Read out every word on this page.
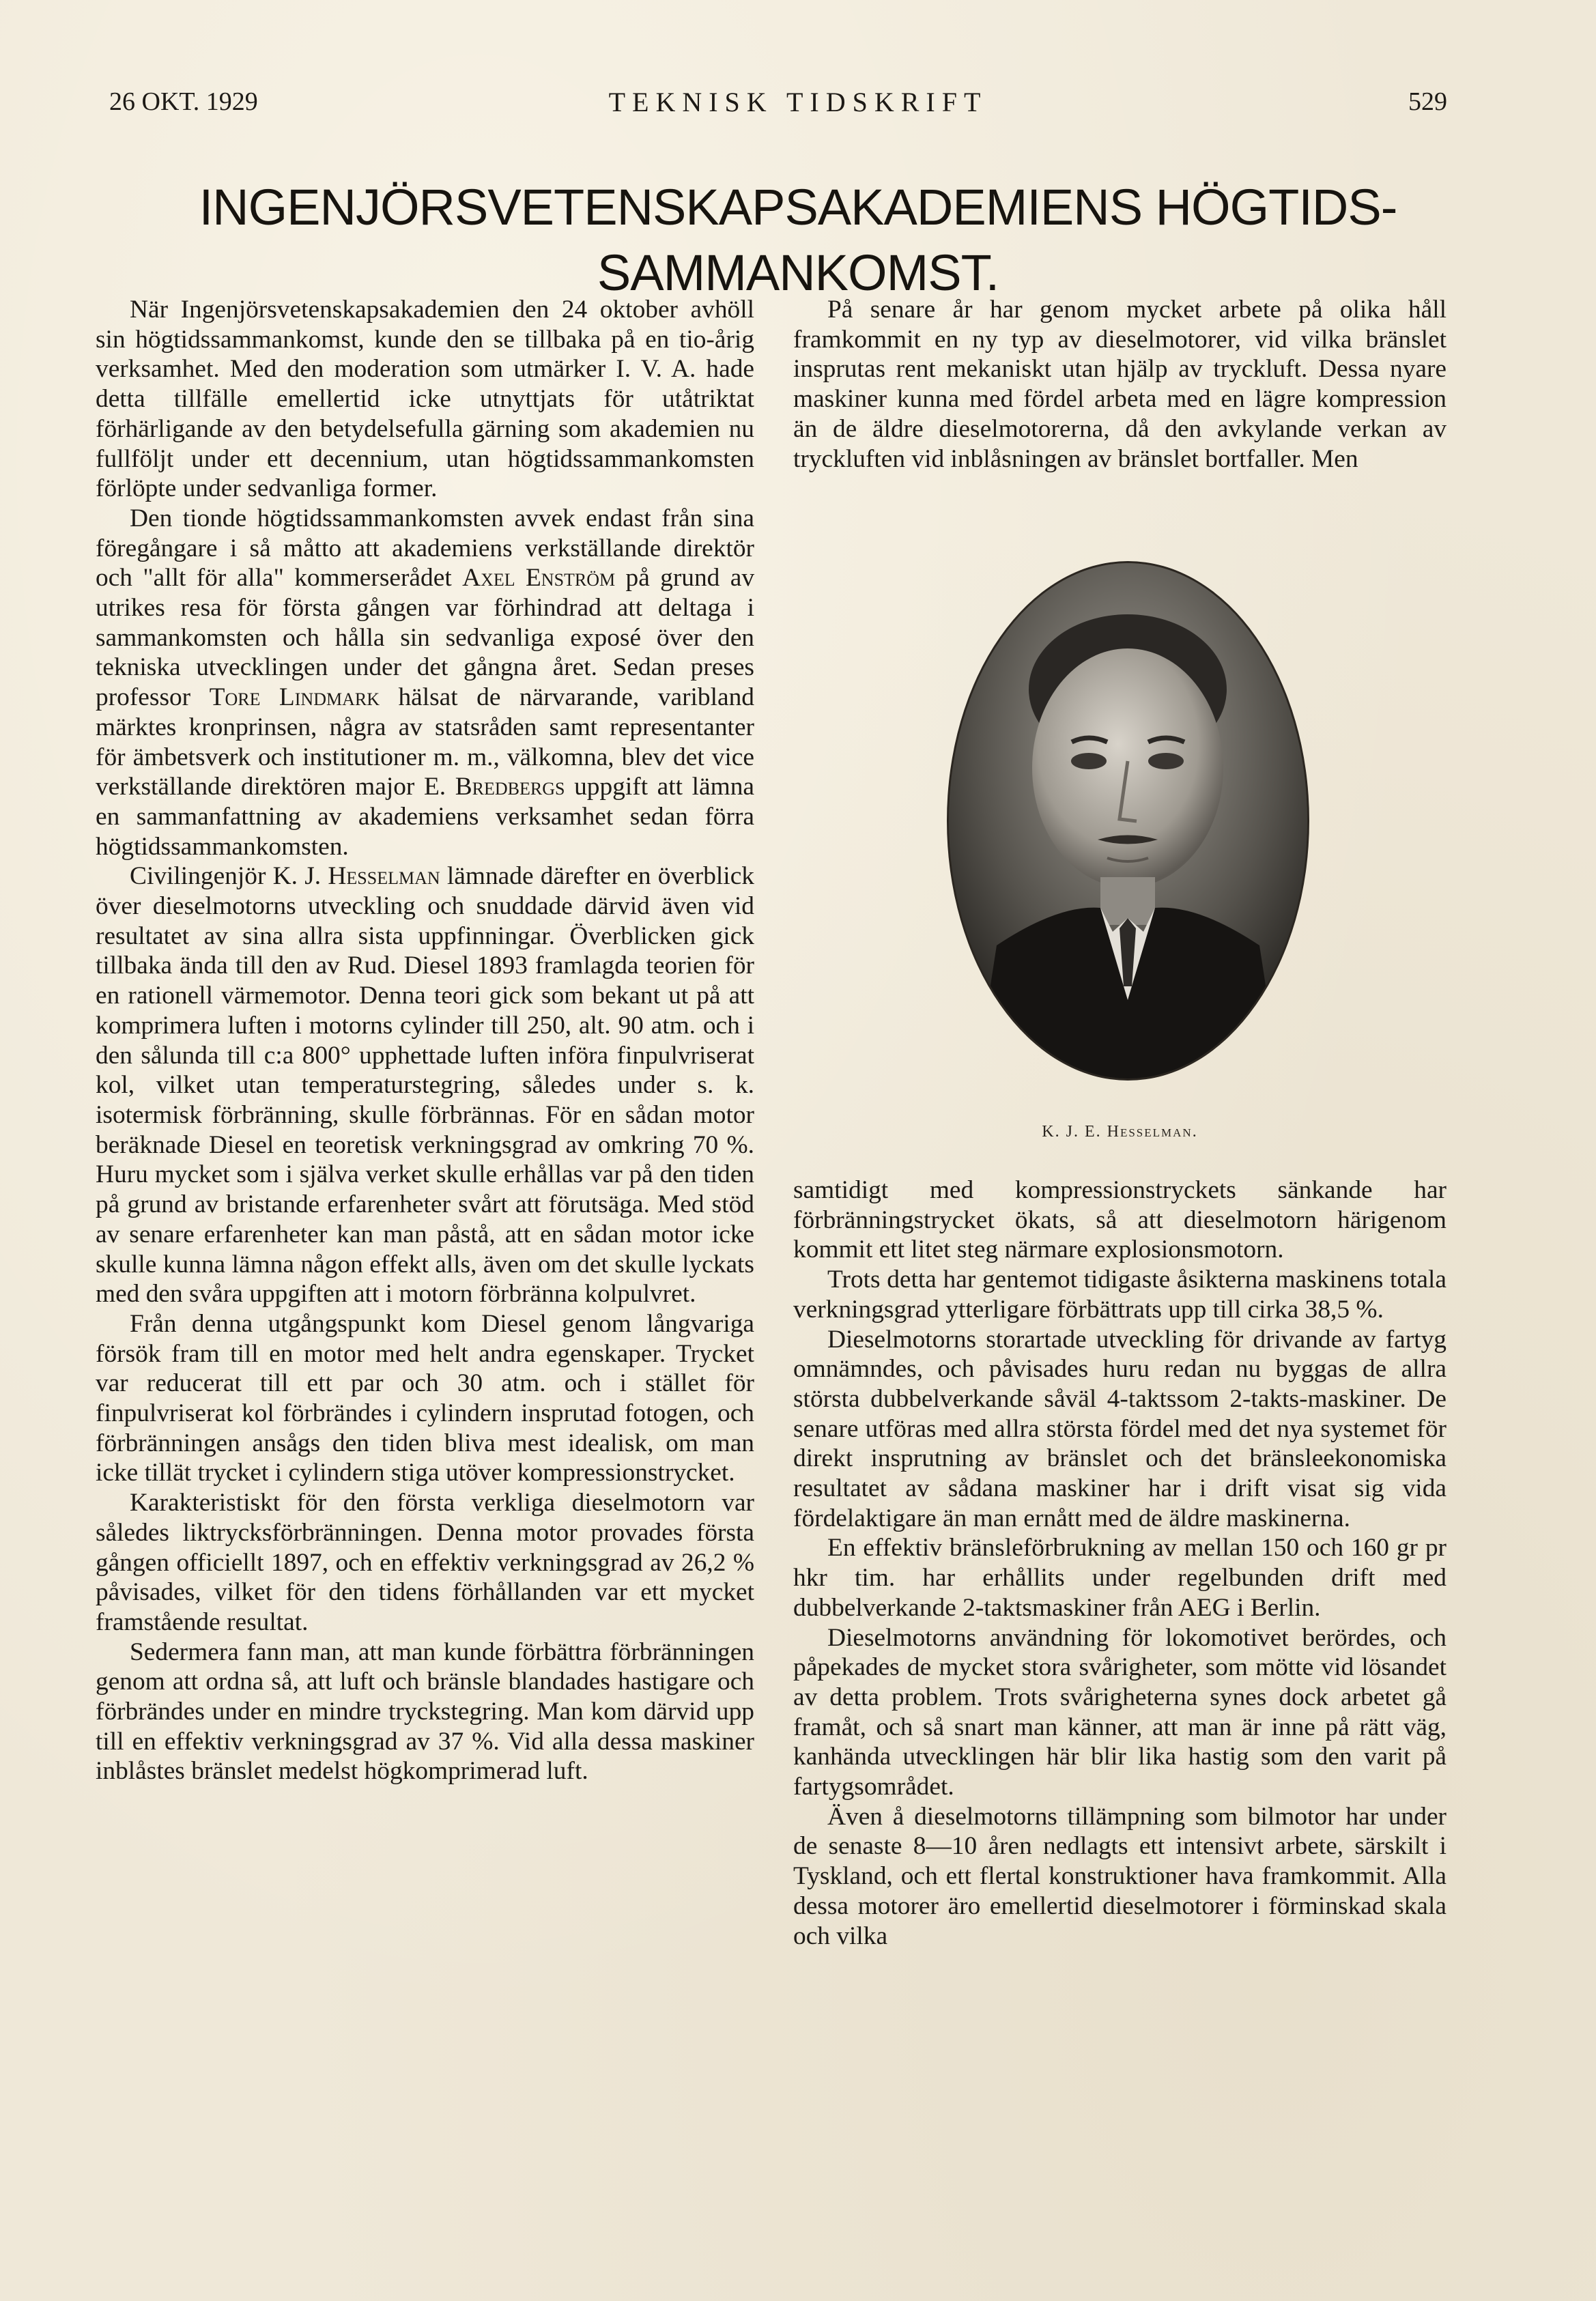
26 OKT. 1929	TEKNISK TIDSKRIFT	529
INGENJÖRSVETENSKAPSAKADEMIENS HÖGTIDS-
SAMMANKOMST.

När Ingenjörsvetenskapsakademien den 24 oktober avhöll sin högtidssammankomst, kunde den se tillbaka på en tio-årig verksamhet. Med den moderation som utmärker I. V. A. hade detta tillfälle emellertid icke utnyttjats för utåtriktat förhärligande av den betydelsefulla gärning som akademien nu fullföljt under ett decennium, utan högtidssammankomsten förlöpte under sedvanliga former.

Den tionde högtidssammankomsten avvek endast från sina föregångare i så måtto att akademiens verkställande direktör och "allt för alla" kommerserådet Axel Enström på grund av utrikes resa för första gången var förhindrad att deltaga i sammankomsten och hålla sin sedvanliga exposé över den tekniska utvecklingen under det gångna året. Sedan preses professor Tore Lindmark hälsat de närvarande, varibland märktes kronprinsen, några av statsråden samt representanter för ämbetsverk och institutioner m. m., välkomna, blev det vice verkställande direktören major E. Bredbergs uppgift att lämna en sammanfattning av akademiens verksamhet sedan förra högtidssammankomsten.

Civilingenjör K. J. Hesselman lämnade därefter en överblick över dieselmotorns utveckling och snuddade därvid även vid resultatet av sina allra sista uppfinningar. Överblicken gick tillbaka ända till den av Rud. Diesel 1893 framlagda teorien för en rationell värmemotor. Denna teori gick som bekant ut på att komprimera luften i motorns cylinder till 250, alt. 90 atm. och i den sålunda till c:a 800° upphettade luften införa finpulvriserat kol, vilket utan temperaturstegring, således under s. k. isotermisk förbränning, skulle förbrännas. För en sådan motor beräknade Diesel en teoretisk verkningsgrad av omkring 70 %. Huru mycket som i själva verket skulle erhållas var på den tiden på grund av bristande erfarenheter svårt att förutsäga. Med stöd av senare erfarenheter kan man påstå, att en sådan motor icke skulle kunna lämna någon effekt alls, även om det skulle lyckats med den svåra uppgiften att i motorn förbränna kolpulvret.

Från denna utgångspunkt kom Diesel genom långvariga försök fram till en motor med helt andra egenskaper. Trycket var reducerat till ett par och 30 atm. och i stället för finpulvriserat kol förbrändes i cylindern insprutad fotogen, och förbränningen ansågs den tiden bliva mest idealisk, om man icke tillät trycket i cylindern stiga utöver kompressionstrycket.

Karakteristiskt för den första verkliga dieselmotorn var således liktrycksförbränningen. Denna motor provades första gången officiellt 1897, och en effektiv verkningsgrad av 26,2 % påvisades, vilket för den tidens förhållanden var ett mycket framstående resultat.

Sedermera fann man, att man kunde förbättra förbränningen genom att ordna så, att luft och bränsle blandades hastigare och förbrändes under en mindre tryckstegring. Man kom därvid upp till en effektiv verkningsgrad av 37 %. Vid alla dessa maskiner inblåstes bränslet medelst högkomprimerad luft.

På senare år har genom mycket arbete på olika håll framkommit en ny typ av dieselmotorer, vid vilka bränslet insprutas rent mekaniskt utan hjälp av tryckluft. Dessa nyare maskiner kunna med fördel arbeta med en lägre kompression än de äldre dieselmotorerna, då den avkylande verkan av tryckluften vid inblåsningen av bränslet bortfaller. Men

K. J. E. Hesselman.

samtidigt med kompressionstryckets sänkande har förbränningstrycket ökats, så att dieselmotorn härigenom kommit ett litet steg närmare explosionsmotorn.

Trots detta har gentemot tidigaste åsikterna maskinens totala verkningsgrad ytterligare förbättrats upp till cirka 38,5 %.

Dieselmotorns storartade utveckling för drivande av fartyg omnämndes, och påvisades huru redan nu byggas de allra största dubbelverkande såväl 4-taktssom 2-takts-maskiner. De senare utföras med allra största fördel med det nya systemet för direkt insprutning av bränslet och det bränsleekonomiska resultatet av sådana maskiner har i drift visat sig vida fördelaktigare än man ernått med de äldre maskinerna.

En effektiv bränsleförbrukning av mellan 150 och 160 gr pr hkr tim. har erhållits under regelbunden drift med dubbelverkande 2-taktsmaskiner från AEG i Berlin.

Dieselmotorns användning för lokomotivet berördes, och påpekades de mycket stora svårigheter, som mötte vid lösandet av detta problem. Trots svårigheterna synes dock arbetet gå framåt, och så snart man känner, att man är inne på rätt väg, kanhända utvecklingen här blir lika hastig som den varit på fartygsområdet.

Även å dieselmotorns tillämpning som bilmotor har under de senaste 8—10 åren nedlagts ett intensivt arbete, särskilt i Tyskland, och ett flertal konstruktioner hava framkommit. Alla dessa motorer äro emellertid dieselmotorer i förminskad skala och vilka
